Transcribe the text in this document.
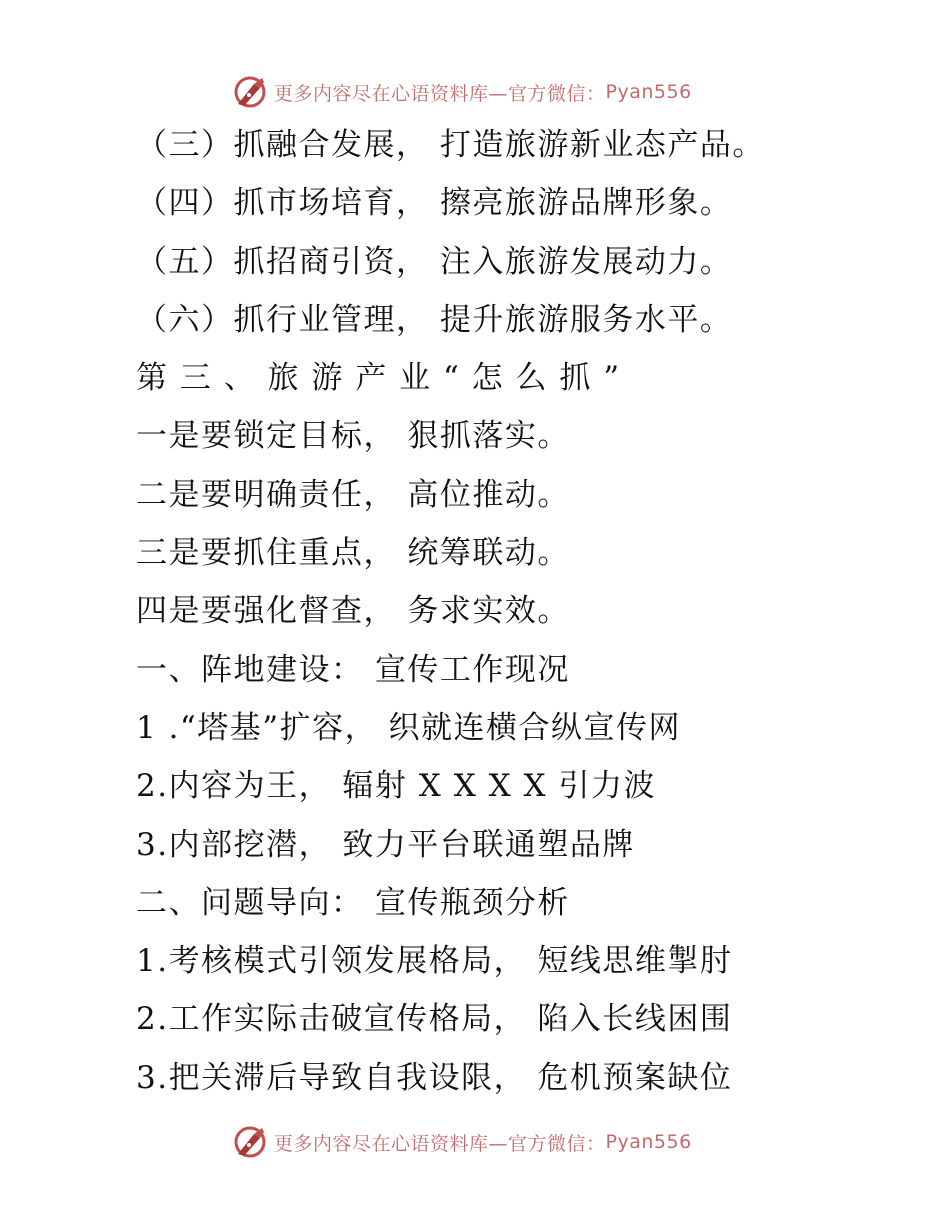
更多内容尽在心语资料库—官方微信： Pyan556
（三）抓融合发展， 打造旅游新业态产品。
（四）抓市场培育， 擦亮旅游品牌形象。
（五）抓招商引资， 注入旅游发展动力。
（六）抓行业管理， 提升旅游服务水平。
第 三 、 旅 游 产 业 “ 怎 么 抓 ”
一是要锁定目标， 狠抓落实。
二是要明确责任， 高位推动。
三是要抓住重点， 统筹联动。
四是要强化督查， 务求实效。
一、阵地建设： 宣传工作现况
1 .“塔基”扩容， 织就连横合纵宣传网
2.内容为王， 辐射 X X X X 引力波
3.内部挖潜， 致力平台联通塑品牌
二、问题导向： 宣传瓶颈分析
1.考核模式引领发展格局， 短线思维掣肘
2.工作实际击破宣传格局， 陷入长线困围
3.把关滞后导致自我设限， 危机预案缺位
更多内容尽在心语资料库—官方微信： Pyan556
